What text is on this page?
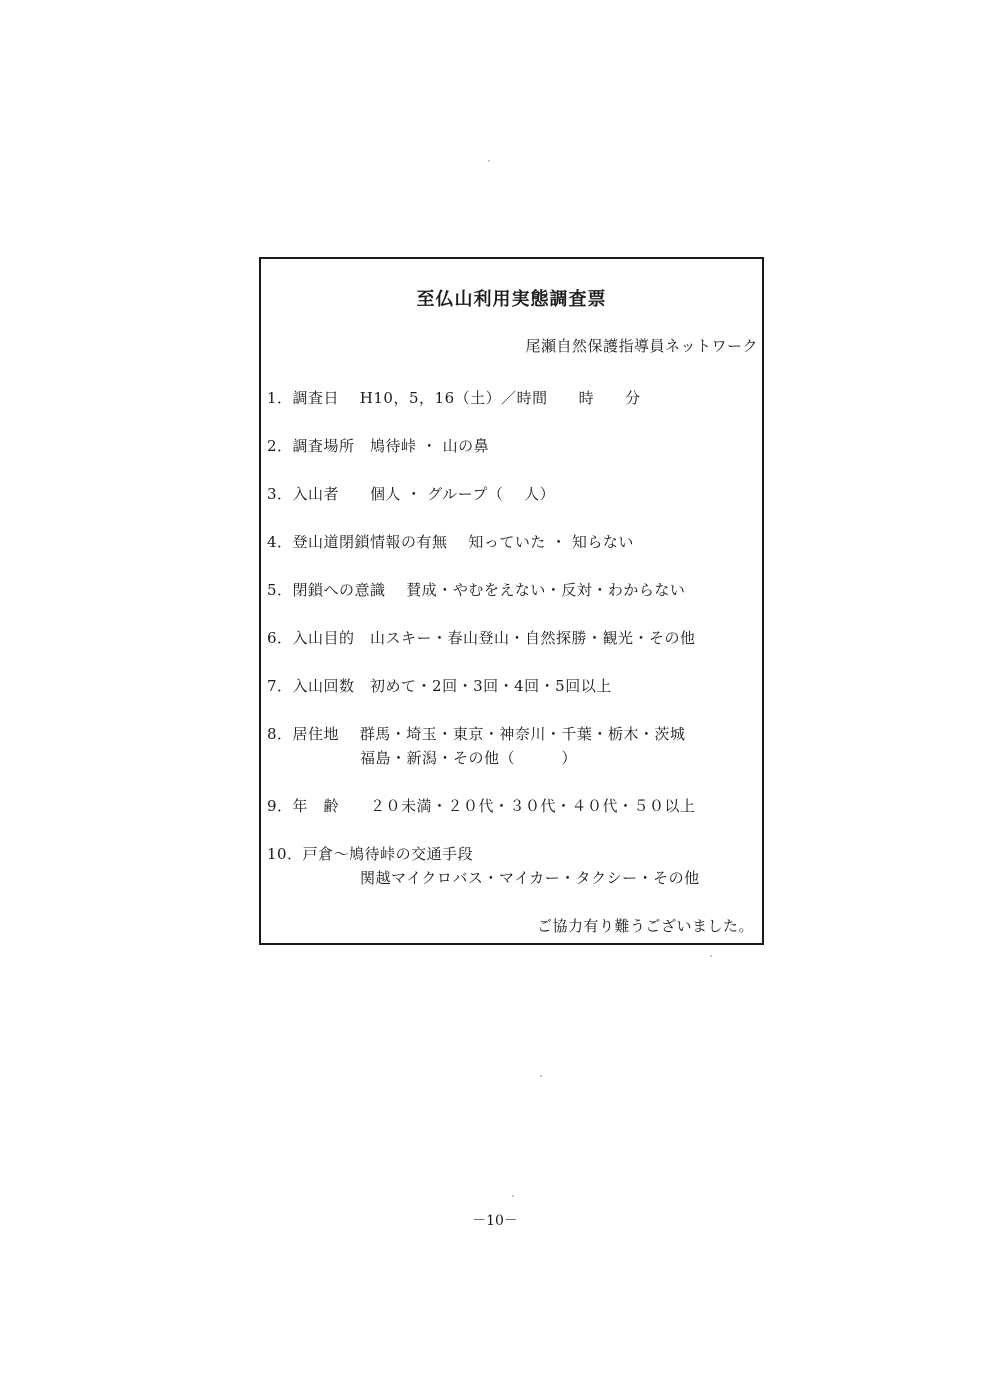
至仏山利用実態調査票
尾瀬自然保護指導員ネットワーク
1．調査日　 H10，5，16（土）／時間　　時　　分
2．調査場所　鳩待峠 ・ 山の鼻
3．入山者　　個人 ・ グループ（　 人）
4．登山道閉鎖情報の有無　 知っていた ・ 知らない
5．閉鎖への意識　 賛成・やむをえない・反対・わからない
6．入山目的　山スキー・春山登山・自然探勝・観光・その他
7．入山回数　初めて・2回・3回・4回・5回以上
8．居住地　 群馬・埼玉・東京・神奈川・千葉・栃木・茨城
　　　　　　福島・新潟・その他（　　　）
9．年　齢　　２０未満・２０代・３０代・４０代・５０以上
10．戸倉～鳩待峠の交通手段
　　　　　　関越マイクロバス・マイカー・タクシー・その他
ご協力有り難うございました。
－10－
